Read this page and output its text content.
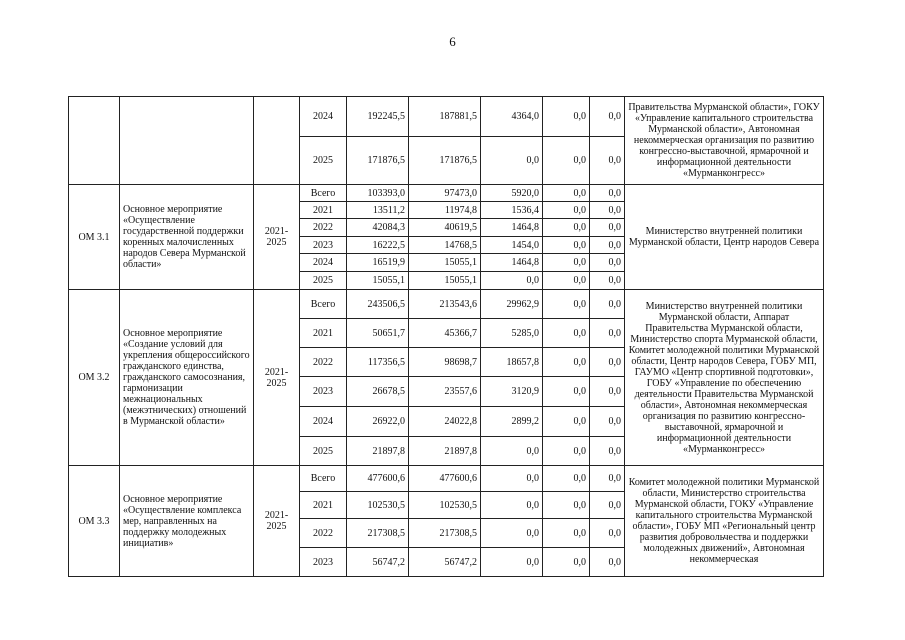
6
			2024	192245,5	187881,5	4364,0	0,0	0,0	Правительства Мурманской области», ГОКУ «Управление капитального строительства Мурманской области», Автономная некоммерческая организация по развитию конгрессно-выставочной, ярмарочной и информационной деятельности «Мурманконгресс»
			2025	171876,5	171876,5	0,0	0,0	0,0	
ОМ 3.1	Основное мероприятие «Осуществление государственной поддержки коренных малочисленных народов Севера Мурманской области»	2021-2025	Всего	103393,0	97473,0	5920,0	0,0	0,0	Министерство внутренней политики Мурманской области, Центр народов Севера
			2021	13511,2	11974,8	1536,4	0,0	0,0	
			2022	42084,3	40619,5	1464,8	0,0	0,0	
			2023	16222,5	14768,5	1454,0	0,0	0,0	
			2024	16519,9	15055,1	1464,8	0,0	0,0	
			2025	15055,1	15055,1	0,0	0,0	0,0	
ОМ 3.2	Основное мероприятие «Создание условий для укрепления общероссийского гражданского единства, гражданского самосознания, гармонизации межнациональных (межэтнических) отношений в Мурманской области»	2021-2025	Всего	243506,5	213543,6	29962,9	0,0	0,0	Министерство внутренней политики Мурманской области, Аппарат Правительства Мурманской области, Министерство спорта Мурманской области, Комитет молодежной политики Мурманской области, Центр народов Севера, ГОБУ МП, ГАУМО «Центр спортивной подготовки», ГОБУ «Управление по обеспечению деятельности Правительства Мурманской области», Автономная некоммерческая организация по развитию конгрессно-выставочной, ярмарочной и информационной деятельности «Мурманконгресс»
			2021	50651,7	45366,7	5285,0	0,0	0,0	
			2022	117356,5	98698,7	18657,8	0,0	0,0	
			2023	26678,5	23557,6	3120,9	0,0	0,0	
			2024	26922,0	24022,8	2899,2	0,0	0,0	
			2025	21897,8	21897,8	0,0	0,0	0,0	
ОМ 3.3	Основное мероприятие «Осуществление комплекса мер, направленных на поддержку молодежных инициатив»	2021-2025	Всего	477600,6	477600,6	0,0	0,0	0,0	Комитет молодежной политики Мурманской области, Министерство строительства Мурманской области, ГОКУ «Управление капитального строительства Мурманской области», ГОБУ МП «Региональный центр развития добровольчества и поддержки молодежных движений», Автономная некоммерческая
			2021	102530,5	102530,5	0,0	0,0	0,0	
			2022	217308,5	217308,5	0,0	0,0	0,0	
			2023	56747,2	56747,2	0,0	0,0	0,0	
